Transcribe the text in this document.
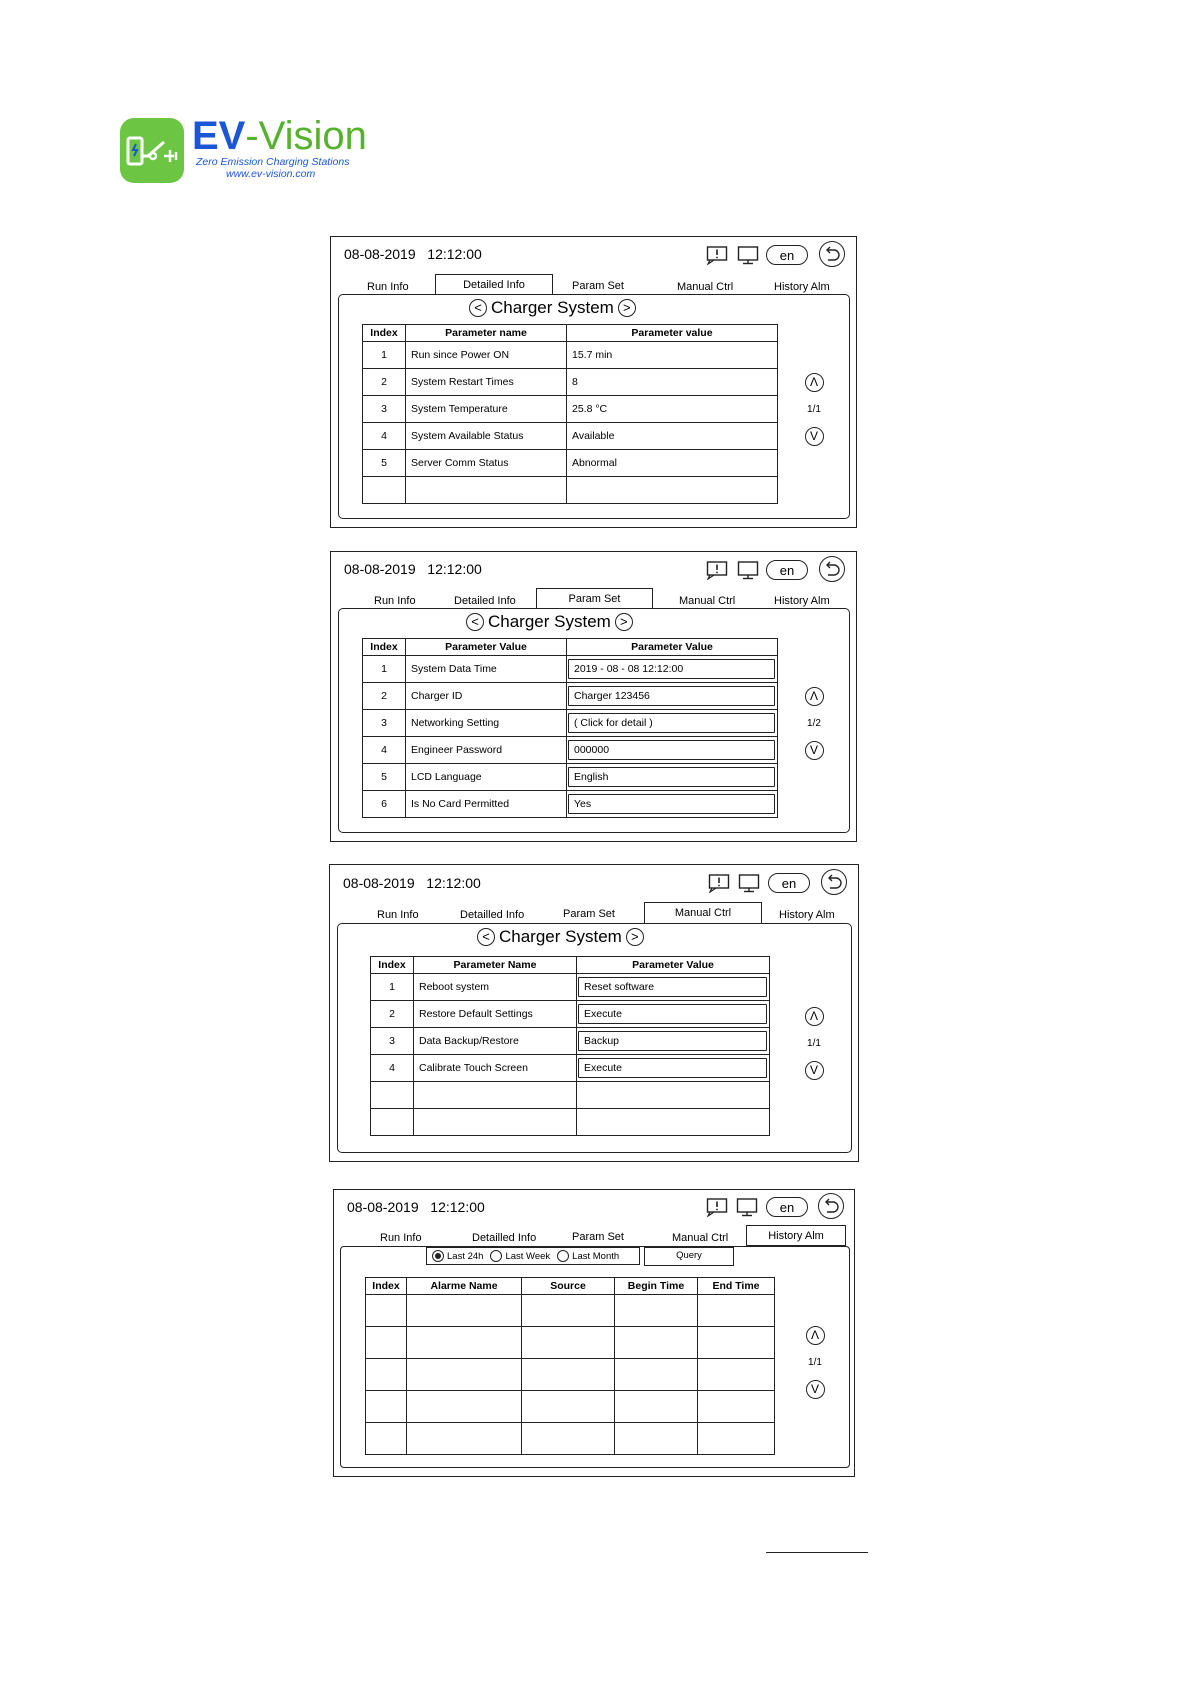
EV-Vision
Zero Emission Charging Stations
www.ev-vision.com
08-08-2019 12:12:00	en
Run Info	Detailed Info	Param Set	Manual Ctrl	History Alm
< Charger System >
Index	Parameter name	Parameter value
1	Run since Power ON	15.7 min
2	System Restart Times	8
3	System Temperature	25.8 °C
4	System Available Status	Available
5	Server Comm Status	Abnormal

Λ
1/1
V
08-08-2019 12:12:00	en
Run Info	Detailed Info	Param Set	Manual Ctrl	History Alm
< Charger System >
Index	Parameter Value	Parameter Value
1	System Data Time	2019 - 08 - 08 12:12:00

2	Charger ID	Charger 123456

3	Networking Setting	( Click for detail )

4	Engineer Password	000000

5	LCD Language	English

6	Is No Card Permitted	Yes
Λ
1/2
V
08-08-2019 12:12:00	en
Run Info	Detailled Info	Param Set	Manual Ctrl	History Alm
< Charger System >
Index	Parameter Name	Parameter Value
1	Reboot system	Reset software

2	Restore Default Settings	Execute

3	Data Backup/Restore	Backup

4	Calibrate Touch Screen	Execute

Λ
1/1
V
08-08-2019 12:12:00	en
Run Info	Detailled Info	Param Set	Manual Ctrl	History Alm
Last 24h Last Week Last Month	Query
Index	Alarme Name	Source	Begin Time	End Time

Λ
1/1
V
